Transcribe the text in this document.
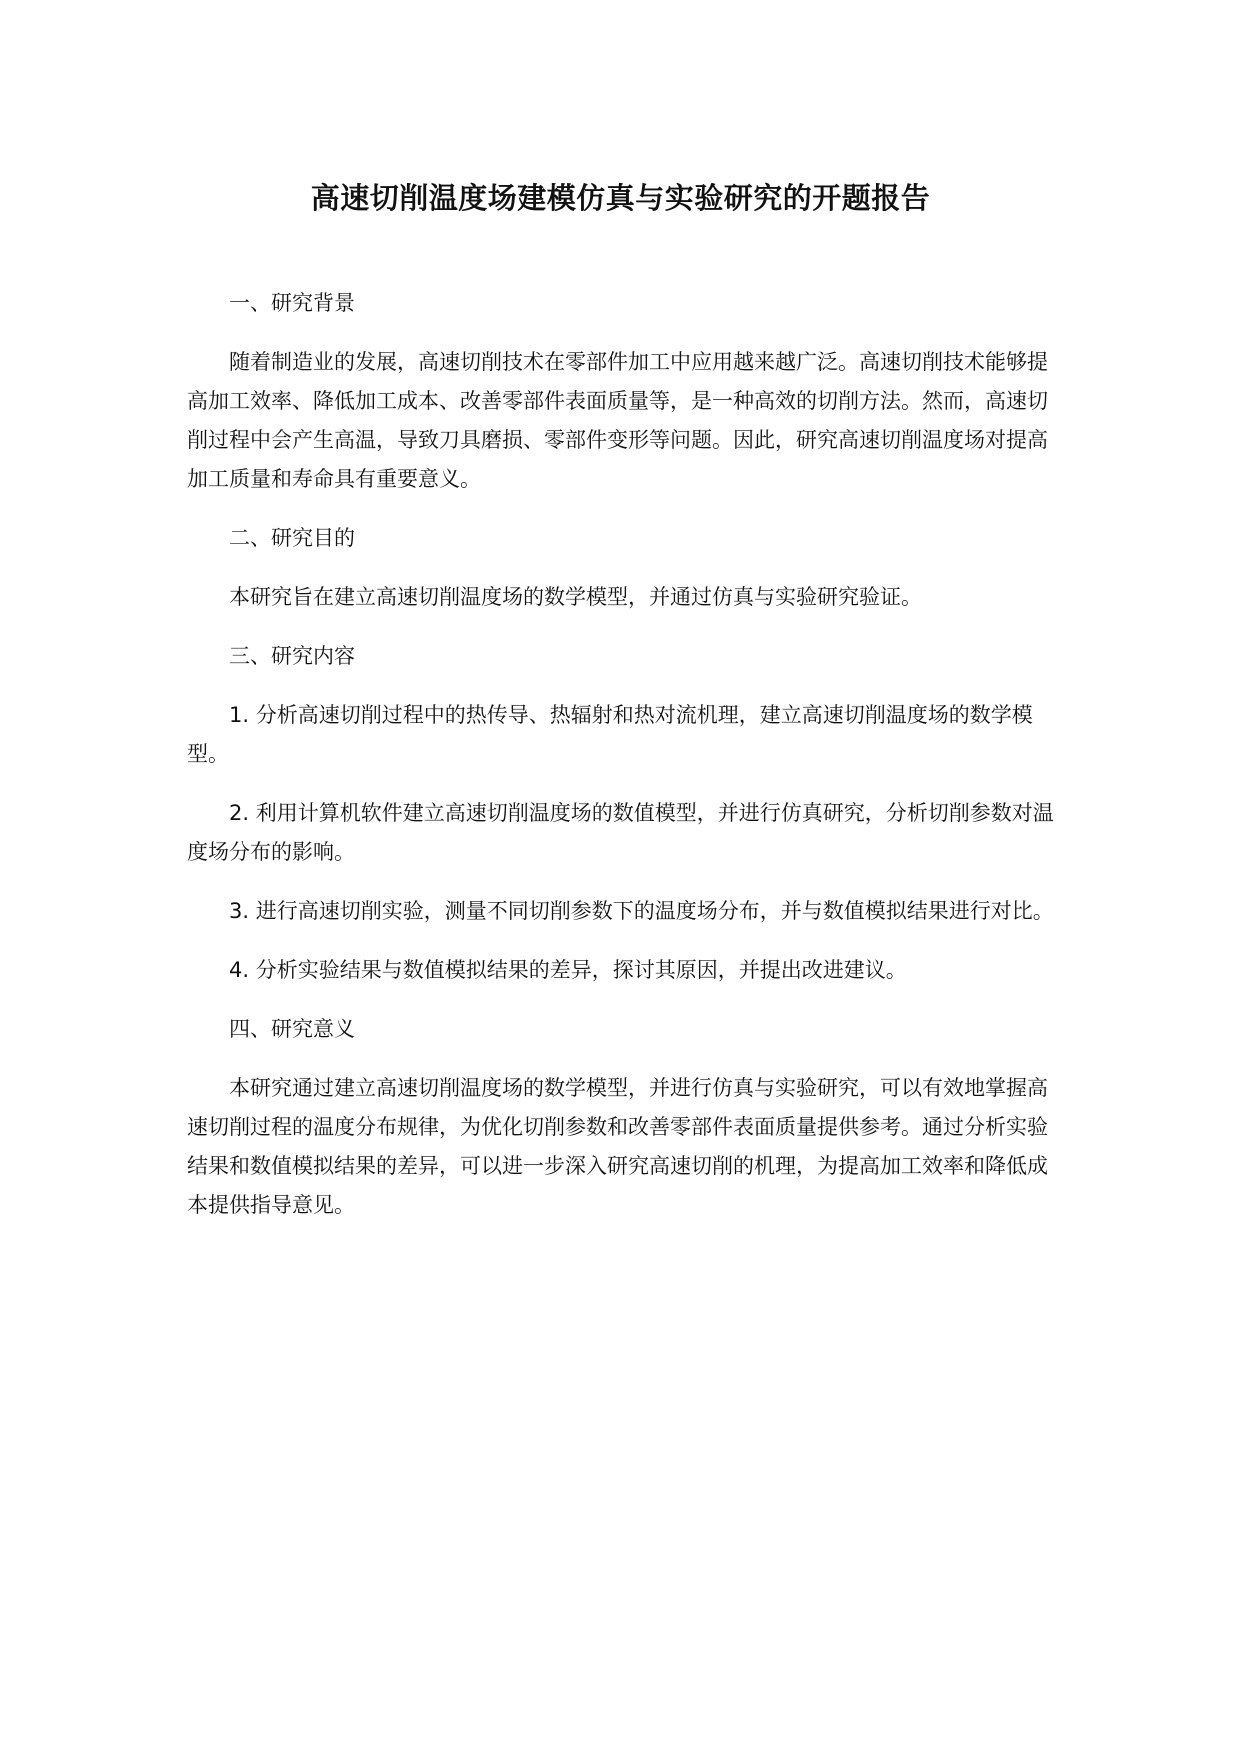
高速切削温度场建模仿真与实验研究的开题报告

一、研究背景

随着制造业的发展，高速切削技术在零部件加工中应用越来越广泛。高速切削技术能够提高加工效率、降低加工成本、改善零部件表面质量等，是一种高效的切削方法。然而，高速切削过程中会产生高温，导致刀具磨损、零部件变形等问题。因此，研究高速切削温度场对提高加工质量和寿命具有重要意义。

二、研究目的

本研究旨在建立高速切削温度场的数学模型，并通过仿真与实验研究验证。

三、研究内容

1. 分析高速切削过程中的热传导、热辐射和热对流机理，建立高速切削温度场的数学模型。

2. 利用计算机软件建立高速切削温度场的数值模型，并进行仿真研究，分析切削参数对温度场分布的影响。

3. 进行高速切削实验，测量不同切削参数下的温度场分布，并与数值模拟结果进行对比。

4. 分析实验结果与数值模拟结果的差异，探讨其原因，并提出改进建议。

四、研究意义

本研究通过建立高速切削温度场的数学模型，并进行仿真与实验研究，可以有效地掌握高速切削过程的温度分布规律，为优化切削参数和改善零部件表面质量提供参考。通过分析实验结果和数值模拟结果的差异，可以进一步深入研究高速切削的机理，为提高加工效率和降低成本提供指导意见。
